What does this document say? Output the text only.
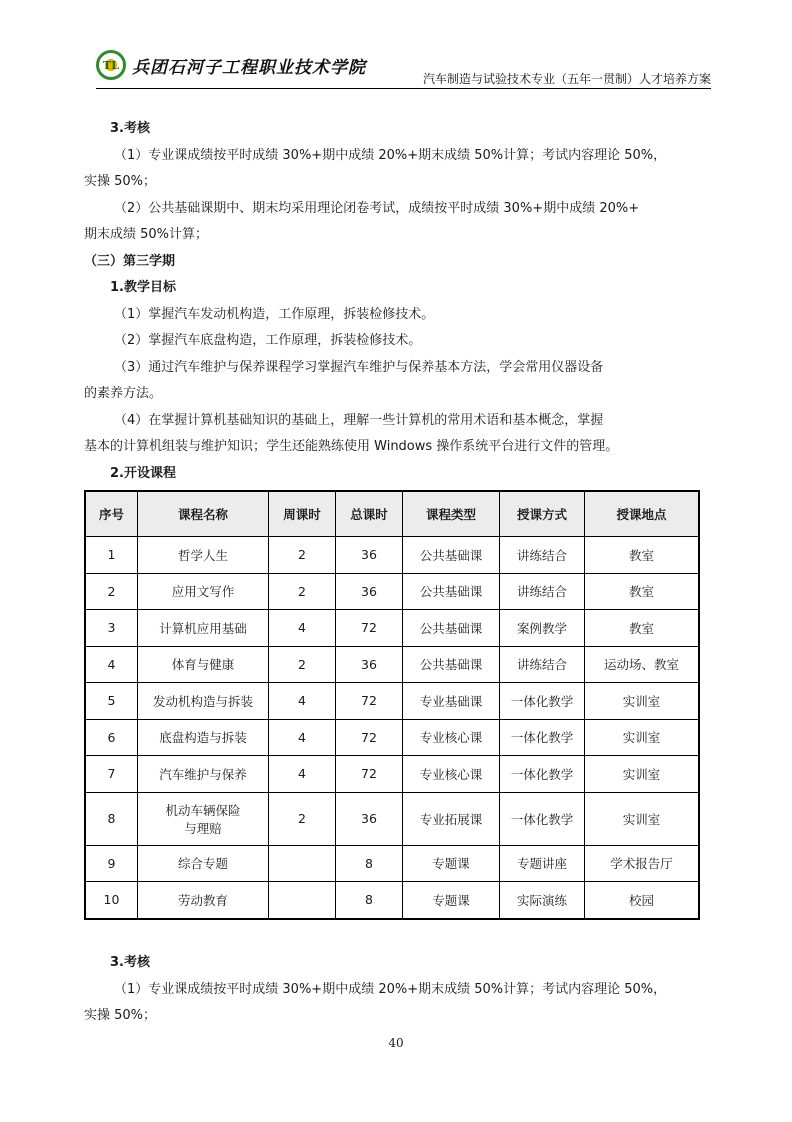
TL 兵团石河子工程职业技术学院
汽车制造与试验技术专业（五年一贯制）人才培养方案

3.考核

（1）专业课成绩按平时成绩 30%+期中成绩 20%+期末成绩 50%计算；考试内容理论 50%，

实操 50%；

（2）公共基础课期中、期末均采用理论闭卷考试，成绩按平时成绩 30%+期中成绩 20%+

期末成绩 50%计算；

（三）第三学期

1.教学目标

（1）掌握汽车发动机构造，工作原理，拆装检修技术。

（2）掌握汽车底盘构造，工作原理，拆装检修技术。

（3）通过汽车维护与保养课程学习掌握汽车维护与保养基本方法，学会常用仪器设备

的素养方法。

（4）在掌握计算机基础知识的基础上，理解一些计算机的常用术语和基本概念，掌握

基本的计算机组装与维护知识；学生还能熟练使用 Windows 操作系统平台进行文件的管理。

2.开设课程

序号	课程名称	周课时	总课时	课程类型	授课方式	授课地点
1	哲学人生	2	36	公共基础课	讲练结合	教室
2	应用文写作	2	36	公共基础课	讲练结合	教室
3	计算机应用基础	4	72	公共基础课	案例教学	教室
4	体育与健康	2	36	公共基础课	讲练结合	运动场、教室
5	发动机构造与拆装	4	72	专业基础课	一体化教学	实训室
6	底盘构造与拆装	4	72	专业核心课	一体化教学	实训室
7	汽车维护与保养	4	72	专业核心课	一体化教学	实训室
8	机动车辆保险
与理赔	2	36	专业拓展课	一体化教学	实训室
9	综合专题		8	专题课	专题讲座	学术报告厅
10	劳动教育		8	专题课	实际演练	校园

3.考核

（1）专业课成绩按平时成绩 30%+期中成绩 20%+期末成绩 50%计算；考试内容理论 50%，

实操 50%；

40
